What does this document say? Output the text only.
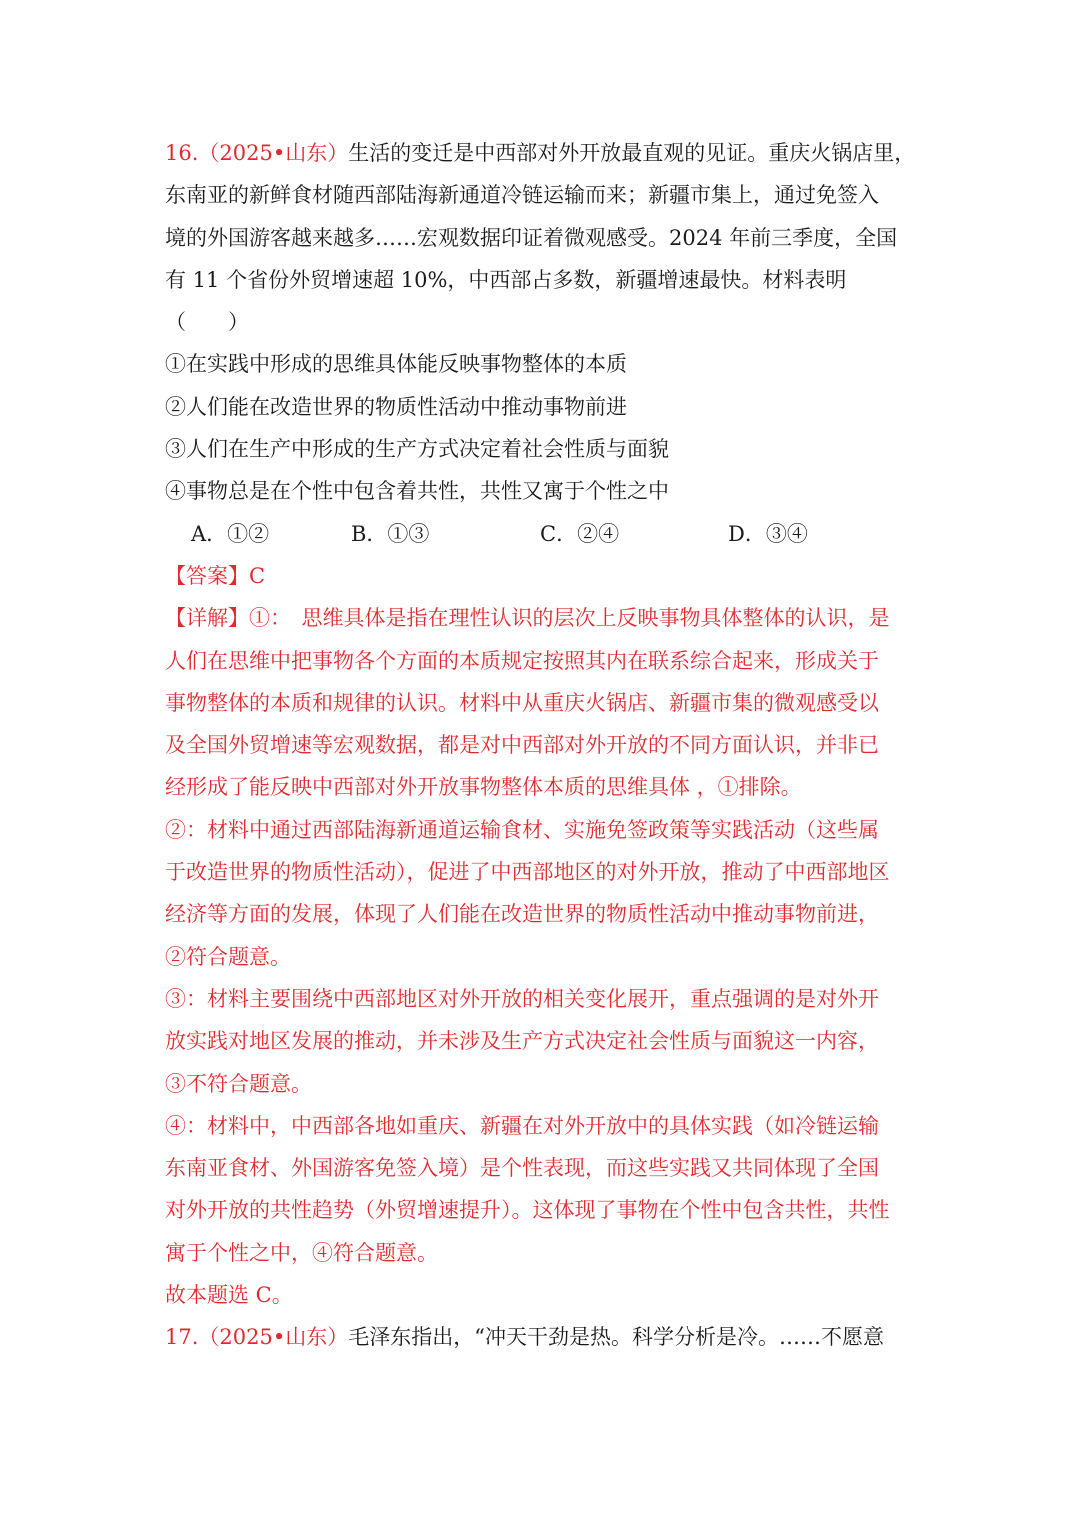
16.（2025•山东）生活的变迁是中西部对外开放最直观的见证。重庆火锅店里，
东南亚的新鲜食材随西部陆海新通道冷链运输而来；新疆市集上，通过免签入
境的外国游客越来越多……宏观数据印证着微观感受。2024 年前三季度，全国
有 11 个省份外贸增速超 10%，中西部占多数，新疆增速最快。材料表明
（　　）
①在实践中形成的思维具体能反映事物整体的本质
②人们能在改造世界的物质性活动中推动事物前进
③人们在生产中形成的生产方式决定着社会性质与面貌
④事物总是在个性中包含着共性，共性又寓于个性之中
A．①②	B．①③	C．②④	D．③④
【答案】C
【详解】①：　思维具体是指在理性认识的层次上反映事物具体整体的认识，是
人们在思维中把事物各个方面的本质规定按照其内在联系综合起来，形成关于
事物整体的本质和规律的认识。材料中从重庆火锅店、新疆市集的微观感受以
及全国外贸增速等宏观数据，都是对中西部对外开放的不同方面认识，并非已
经形成了能反映中西部对外开放事物整体本质的思维具体 ，①排除。
②：材料中通过西部陆海新通道运输食材、实施免签政策等实践活动（这些属
于改造世界的物质性活动），促进了中西部地区的对外开放，推动了中西部地区
经济等方面的发展，体现了人们能在改造世界的物质性活动中推动事物前进，
②符合题意。
③：材料主要围绕中西部地区对外开放的相关变化展开，重点强调的是对外开
放实践对地区发展的推动，并未涉及生产方式决定社会性质与面貌这一内容，
③不符合题意。
④：材料中，中西部各地如重庆、新疆在对外开放中的具体实践（如冷链运输
东南亚食材、外国游客免签入境）是个性表现，而这些实践又共同体现了全国
对外开放的共性趋势（外贸增速提升）。这体现了事物在个性中包含共性，共性
寓于个性之中，④符合题意。
故本题选 C。
17.（2025•山东）毛泽东指出，“冲天干劲是热。科学分析是冷。……不愿意
